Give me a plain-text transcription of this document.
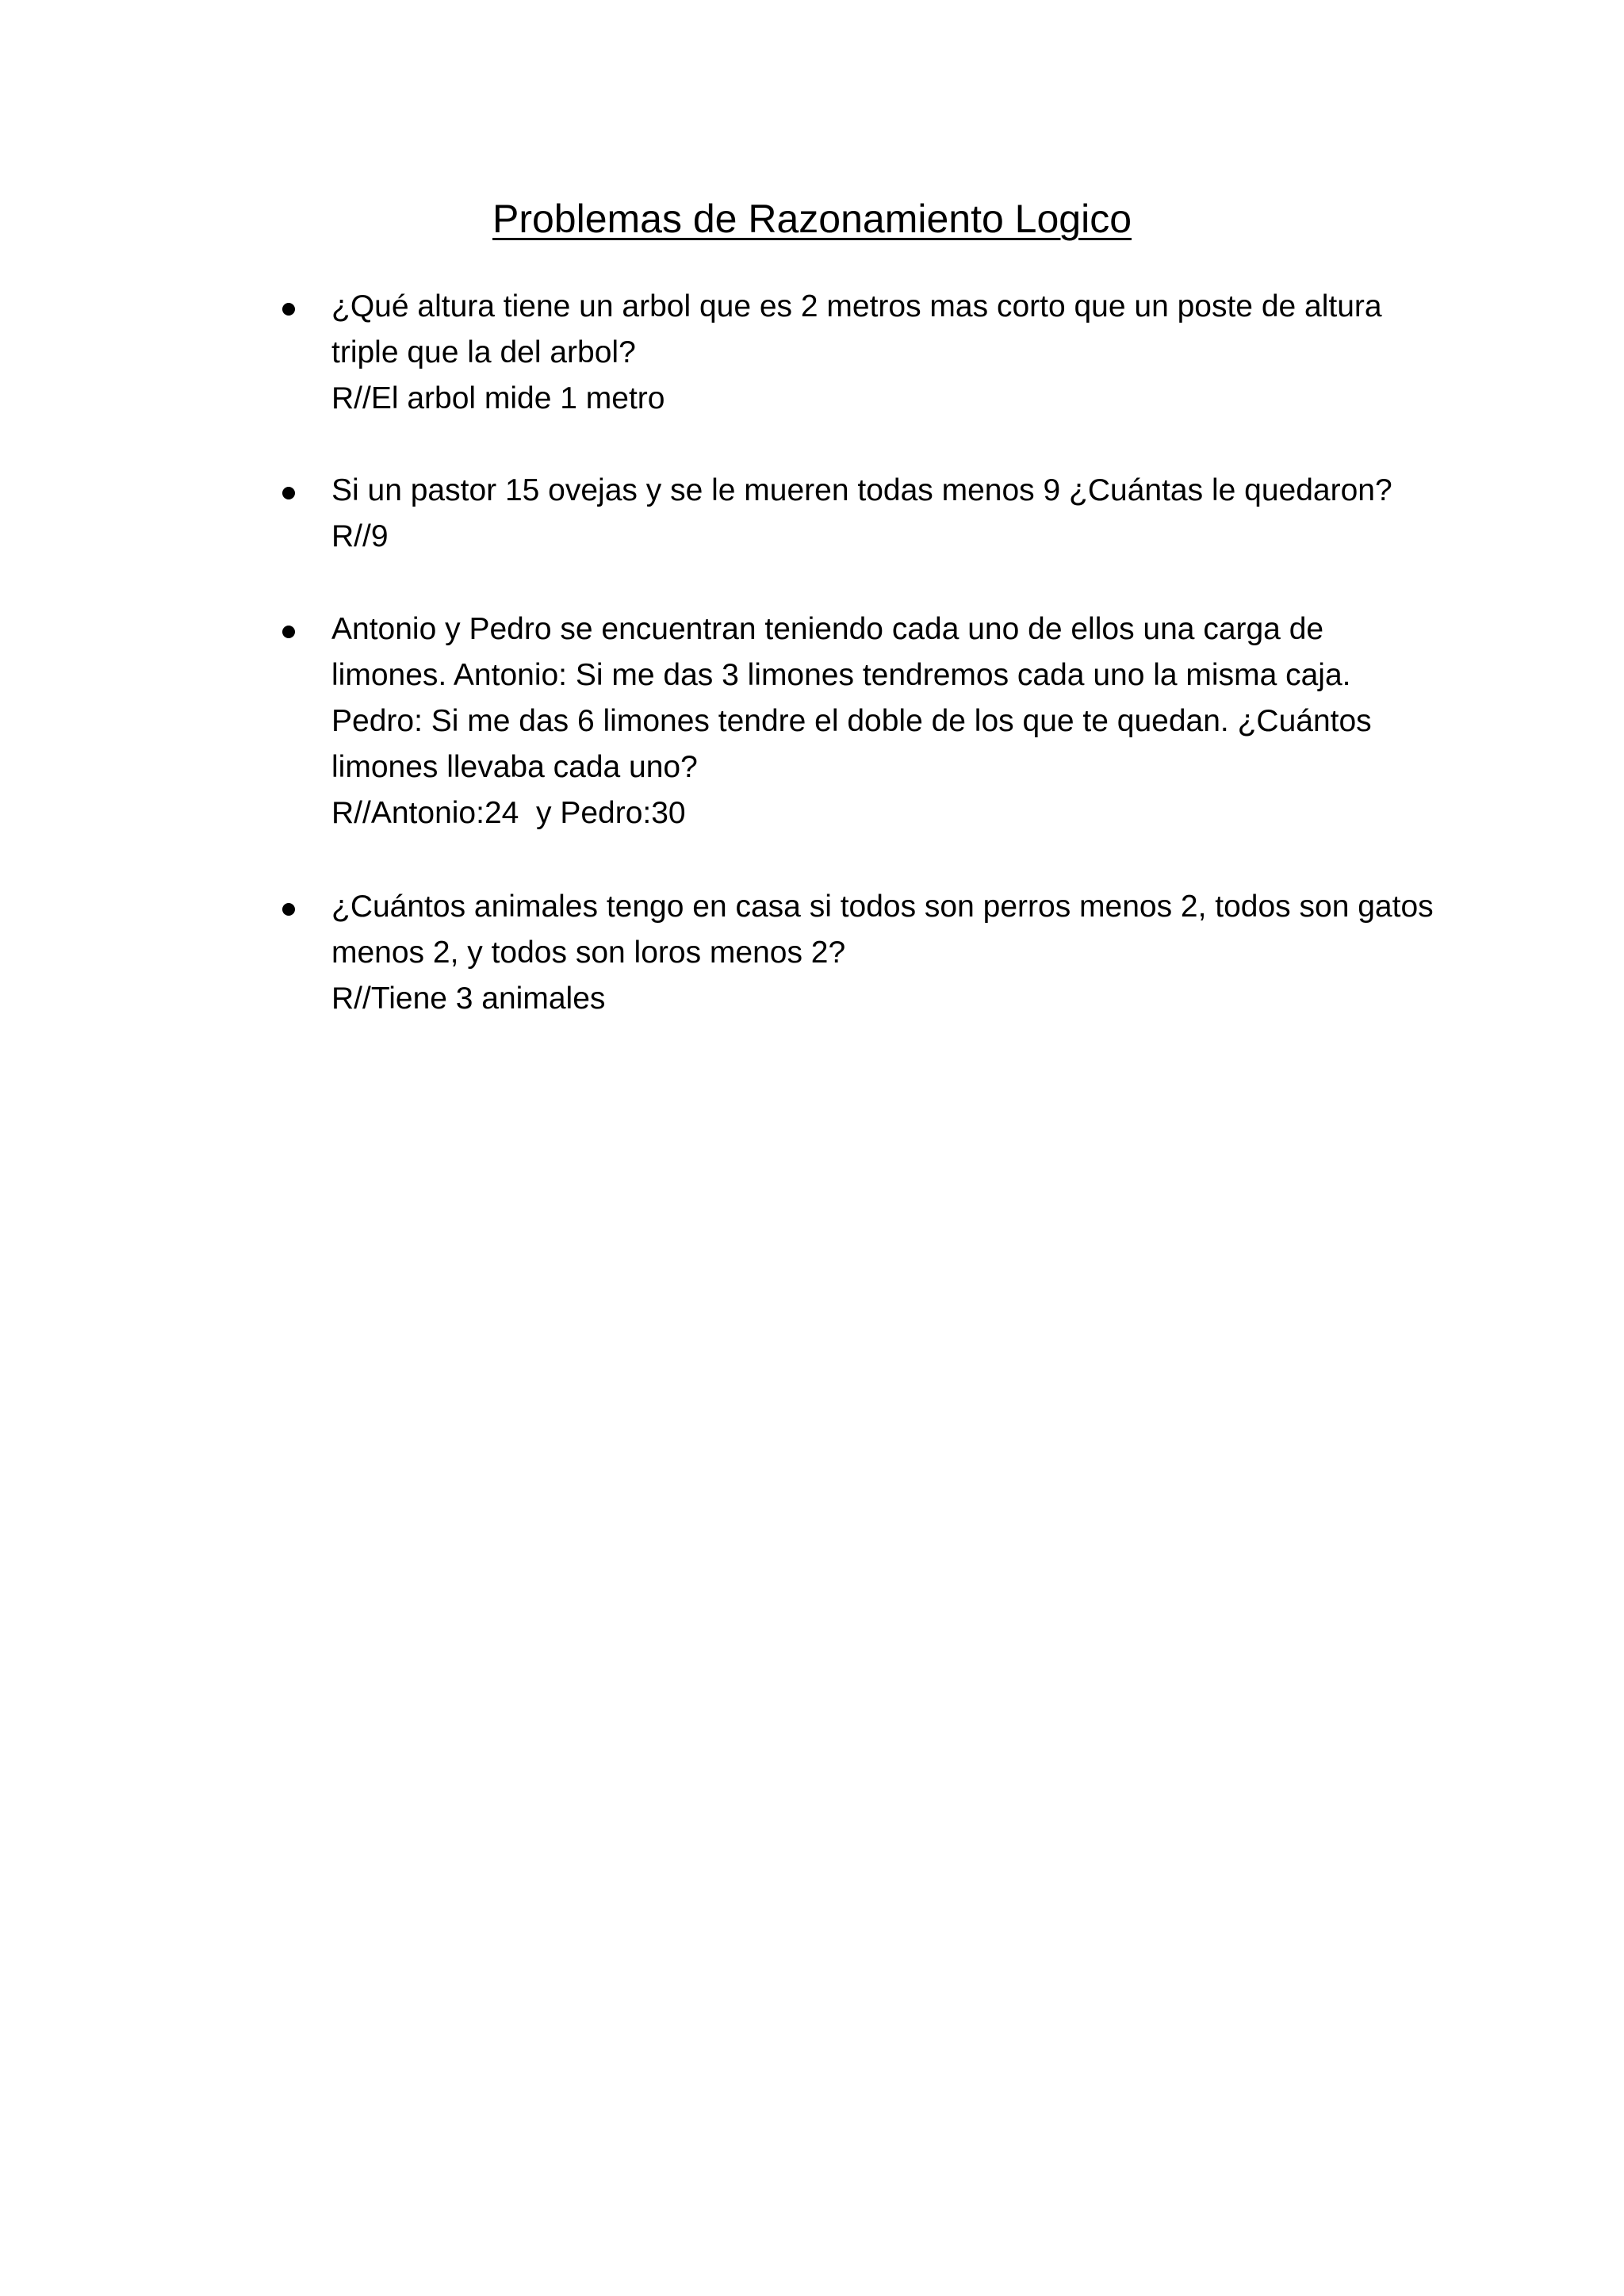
Problemas de Razonamiento Logico
¿Qué altura tiene un arbol que es 2 metros mas corto que un poste de altura
triple que la del arbol?
R//El arbol mide 1 metro
Si un pastor 15 ovejas y se le mueren todas menos 9 ¿Cuántas le quedaron?
R//9
Antonio y Pedro se encuentran teniendo cada uno de ellos una carga de
limones. Antonio: Si me das 3 limones tendremos cada uno la misma caja.
Pedro: Si me das 6 limones tendre el doble de los que te quedan. ¿Cuántos
limones llevaba cada uno?
R//Antonio:24  y Pedro:30
¿Cuántos animales tengo en casa si todos son perros menos 2, todos son gatos
menos 2, y todos son loros menos 2?
R//Tiene 3 animales
